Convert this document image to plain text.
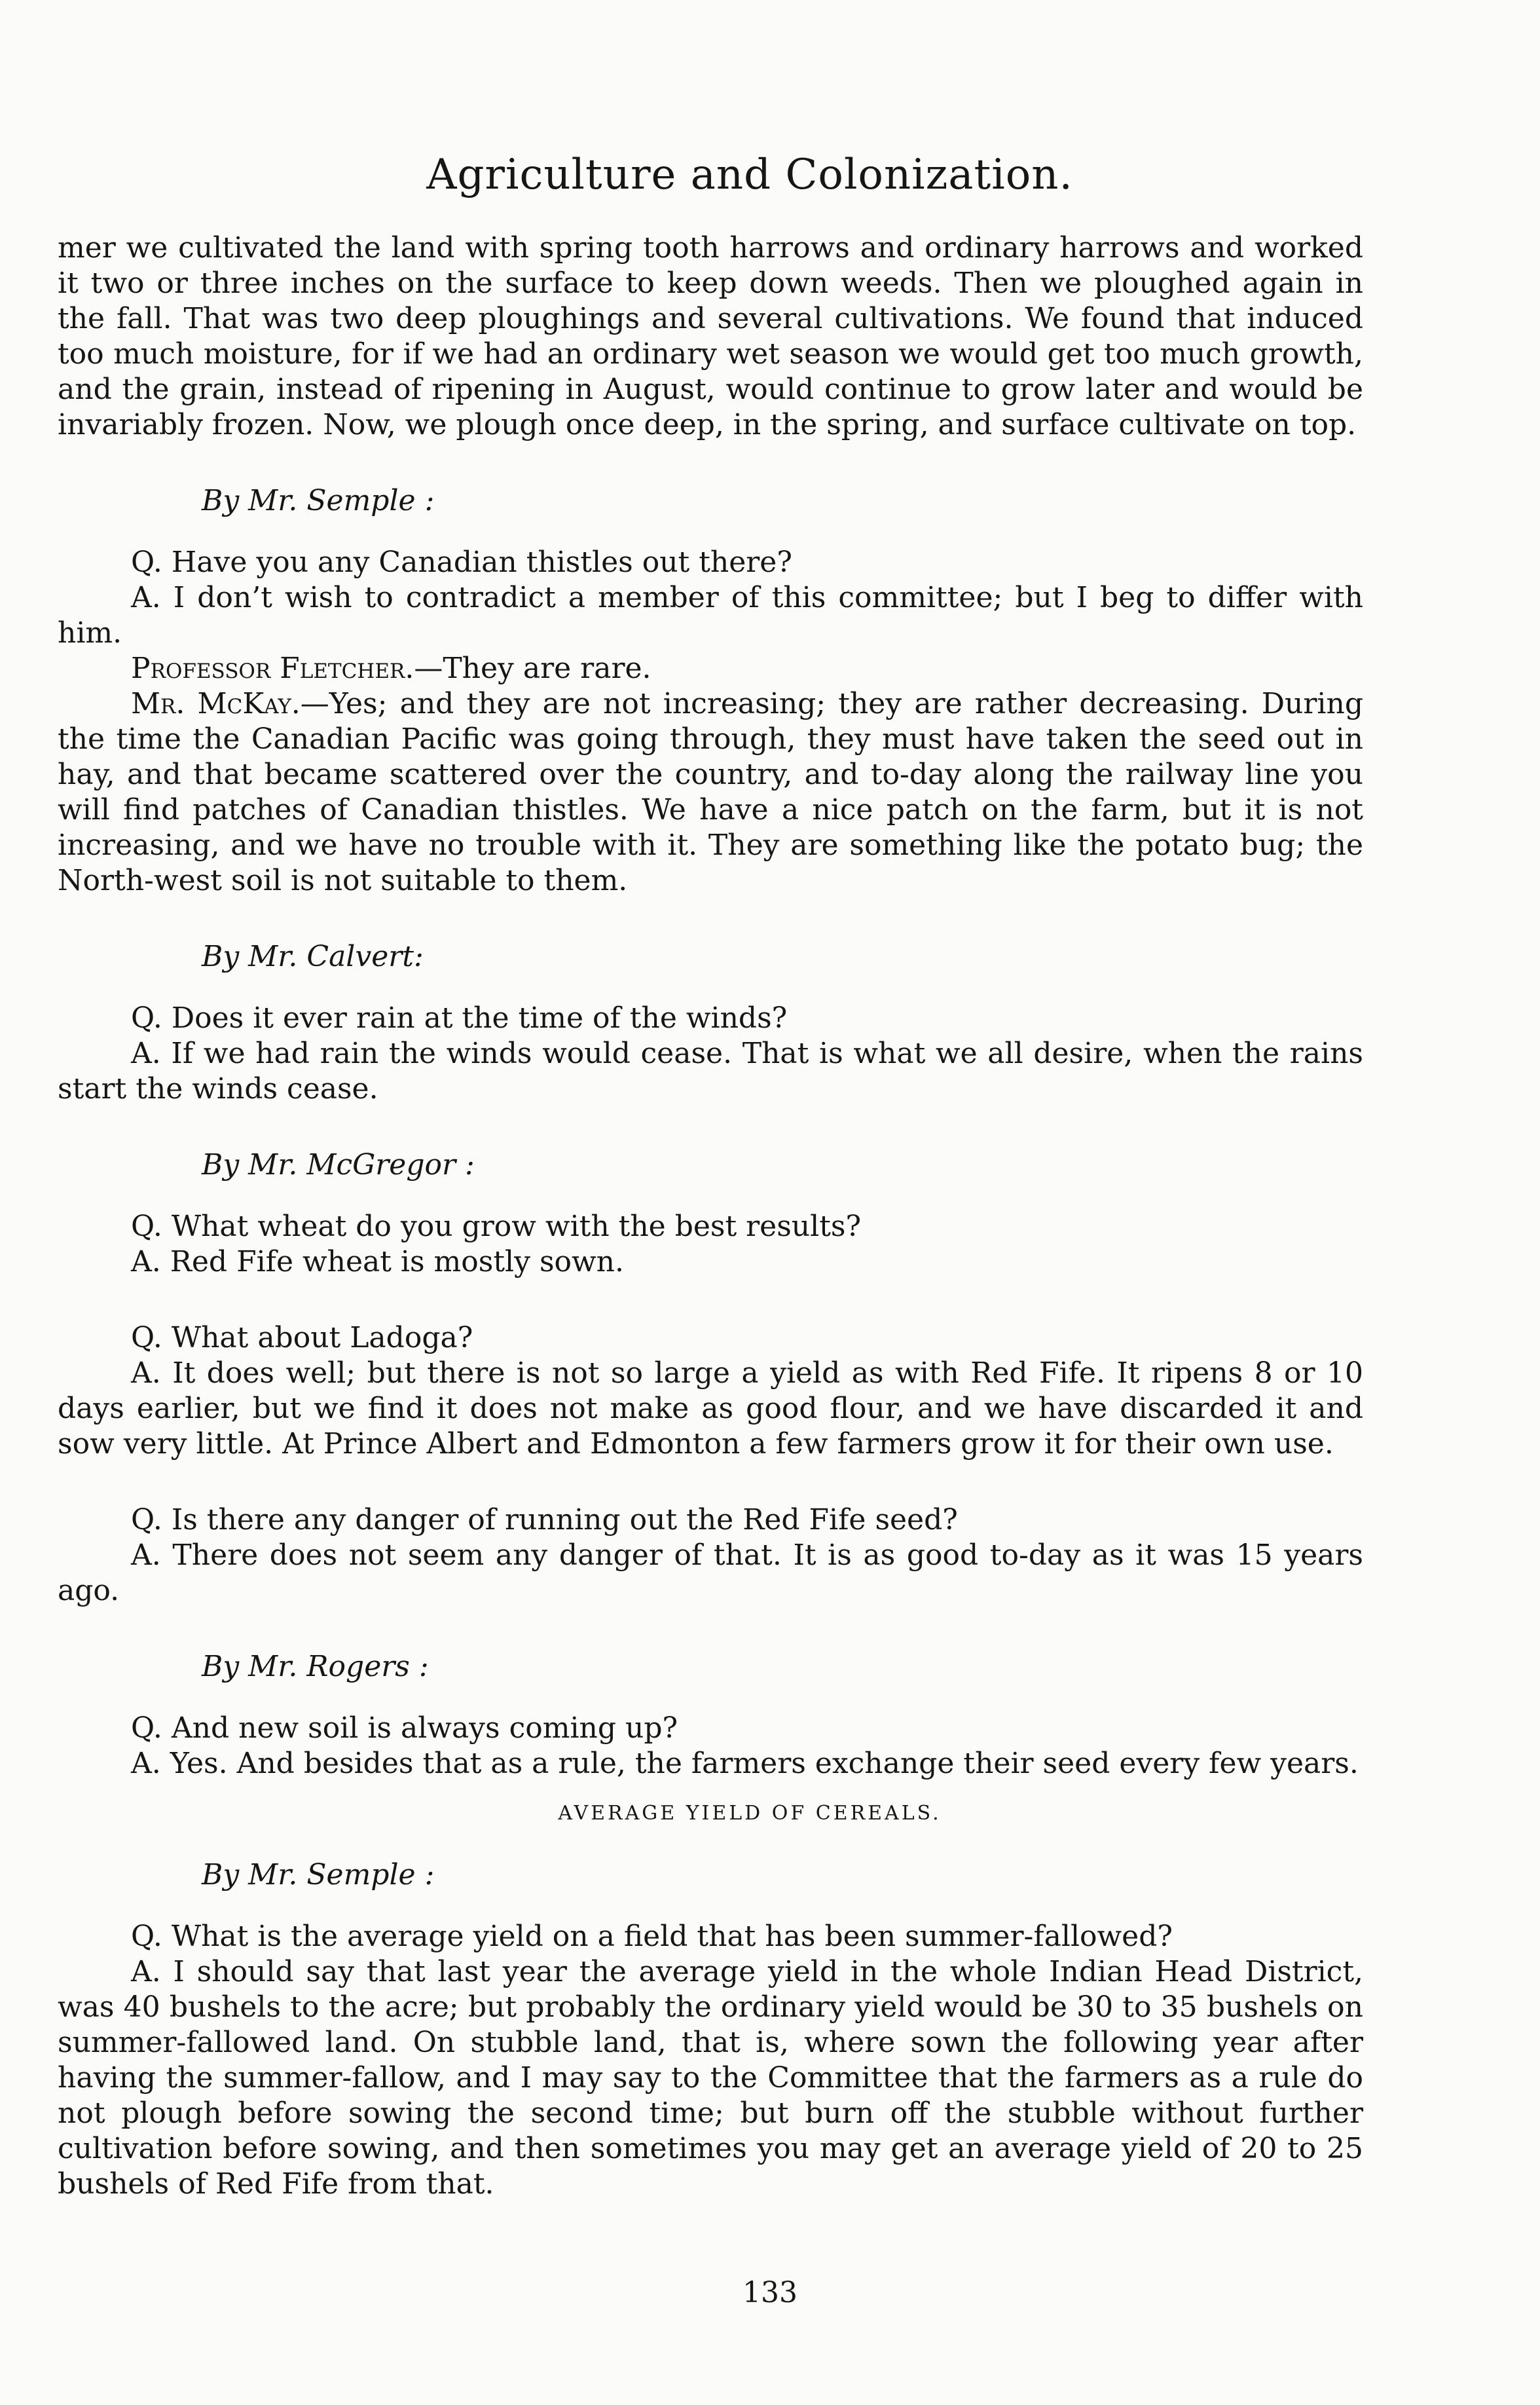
Agriculture and Colonization.

mer we cultivated the land with spring tooth harrows and ordinary harrows and worked it two or three inches on the surface to keep down weeds. Then we ploughed again in the fall. That was two deep ploughings and several cultivations. We found that induced too much moisture, for if we had an ordinary wet season we would get too much growth, and the grain, instead of ripening in August, would continue to grow later and would be invariably frozen. Now, we plough once deep, in the spring, and surface cultivate on top.

By Mr. Semple :

Q. Have you any Canadian thistles out there?

A. I don’t wish to contradict a member of this committee; but I beg to differ with him.

Professor Fletcher.—They are rare.

Mr. McKay.—Yes; and they are not increasing; they are rather decreasing. During the time the Canadian Pacific was going through, they must have taken the seed out in hay, and that became scattered over the country, and to-day along the railway line you will find patches of Canadian thistles. We have a nice patch on the farm, but it is not increasing, and we have no trouble with it. They are something like the potato bug; the North-west soil is not suitable to them.

By Mr. Calvert:

Q. Does it ever rain at the time of the winds?

A. If we had rain the winds would cease. That is what we all desire, when the rains start the winds cease.

By Mr. McGregor :

Q. What wheat do you grow with the best results?

A. Red Fife wheat is mostly sown.

Q. What about Ladoga?

A. It does well; but there is not so large a yield as with Red Fife. It ripens 8 or 10 days earlier, but we find it does not make as good flour, and we have discarded it and sow very little. At Prince Albert and Edmonton a few farmers grow it for their own use.

Q. Is there any danger of running out the Red Fife seed?

A. There does not seem any danger of that. It is as good to-day as it was 15 years ago.

By Mr. Rogers :

Q. And new soil is always coming up?

A. Yes. And besides that as a rule, the farmers exchange their seed every few years.

AVERAGE YIELD OF CEREALS.

By Mr. Semple :

Q. What is the average yield on a field that has been summer-fallowed?

A. I should say that last year the average yield in the whole Indian Head District, was 40 bushels to the acre; but probably the ordinary yield would be 30 to 35 bushels on summer-fallowed land. On stubble land, that is, where sown the following year after having the summer-fallow, and I may say to the Committee that the farmers as a rule do not plough before sowing the second time; but burn off the stubble without further cultivation before sowing, and then sometimes you may get an average yield of 20 to 25 bushels of Red Fife from that.

133
